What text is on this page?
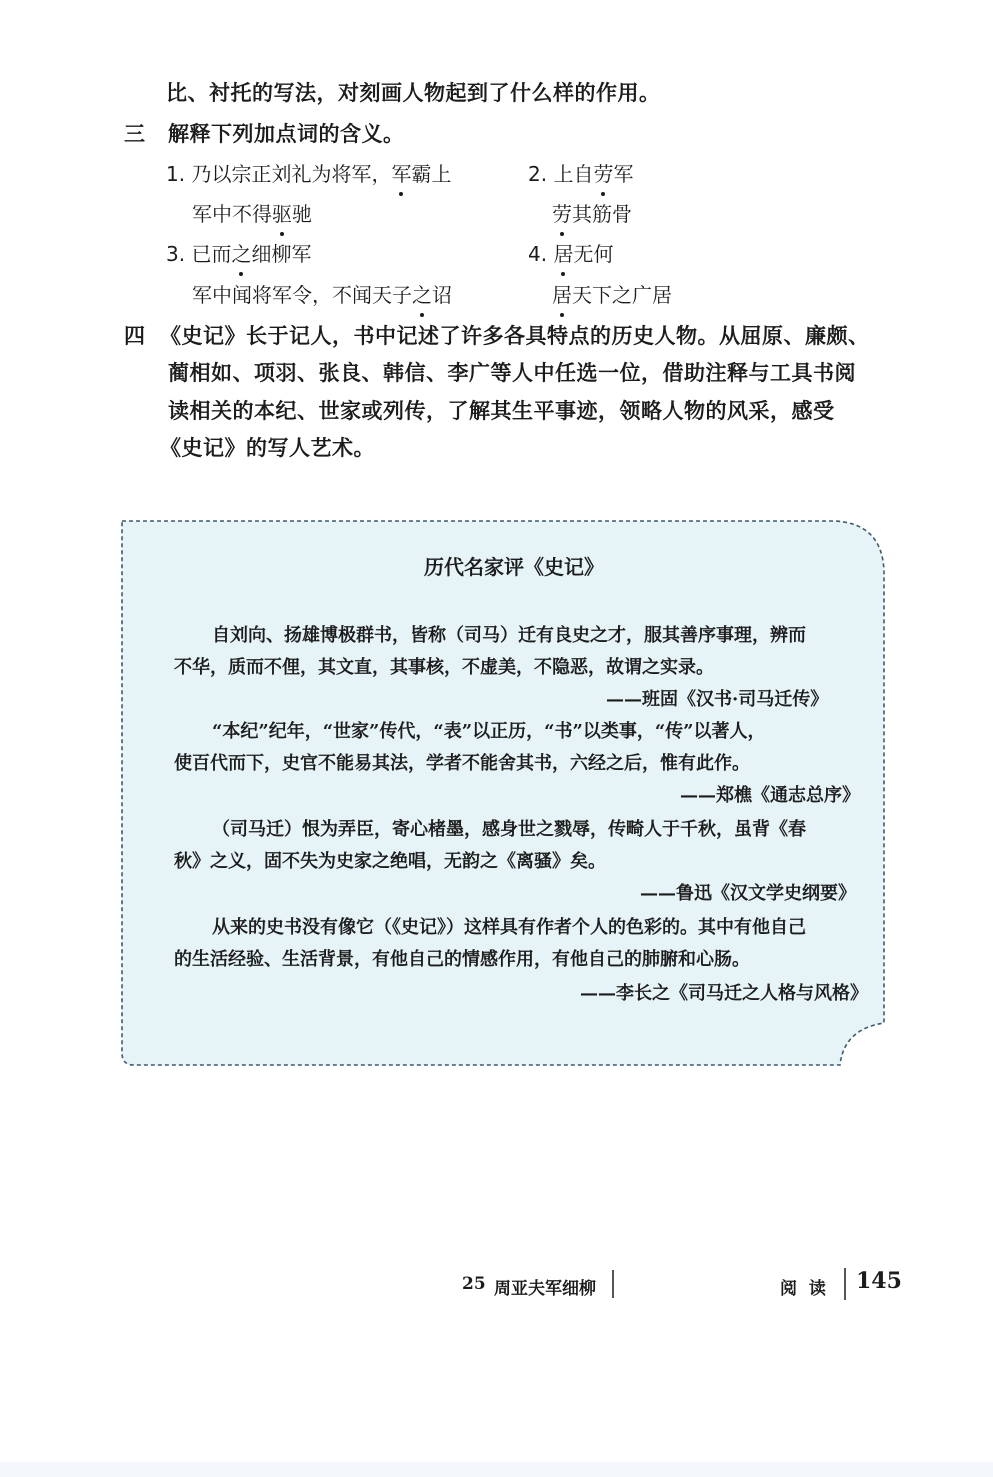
比、衬托的写法，对刻画人物起到了什么样的作用。
三 解释下列加点词的含义。
1. 乃以宗正刘礼为将军，军霸上
军中不得驱驰
2. 上自劳军
劳其筋骨
3. 已而之细柳军
军中闻将军令，不闻天子之诏
4. 居无何
居天下之广居
四 《史记》长于记人，书中记述了许多各具特点的历史人物。从屈原、廉颇、
蔺相如、项羽、张良、韩信、李广等人中任选一位，借助注释与工具书阅
读相关的本纪、世家或列传，了解其生平事迹，领略人物的风采，感受
《史记》的写人艺术。
历代名家评《史记》
自刘向、扬雄博极群书，皆称（司马）迁有良史之才，服其善序事理，辨而
不华，质而不俚，其文直，其事核，不虚美，不隐恶，故谓之实录。
——班固《汉书·司马迁传》
“本纪”纪年，“世家”传代，“表”以正历，“书”以类事，“传”以著人，
使百代而下，史官不能易其法，学者不能舍其书，六经之后，惟有此作。
——郑樵《通志总序》
（司马迁）恨为弄臣，寄心楮墨，感身世之戮辱，传畸人于千秋，虽背《春
秋》之义，固不失为史家之绝唱，无韵之《离骚》矣。
——鲁迅《汉文学史纲要》
从来的史书没有像它（《史记》）这样具有作者个人的色彩的。其中有他自己
的生活经验、生活背景，有他自己的情感作用，有他自己的肺腑和心肠。
——李长之《司马迁之人格与风格》
25 周亚夫军细柳	阅  读 145
